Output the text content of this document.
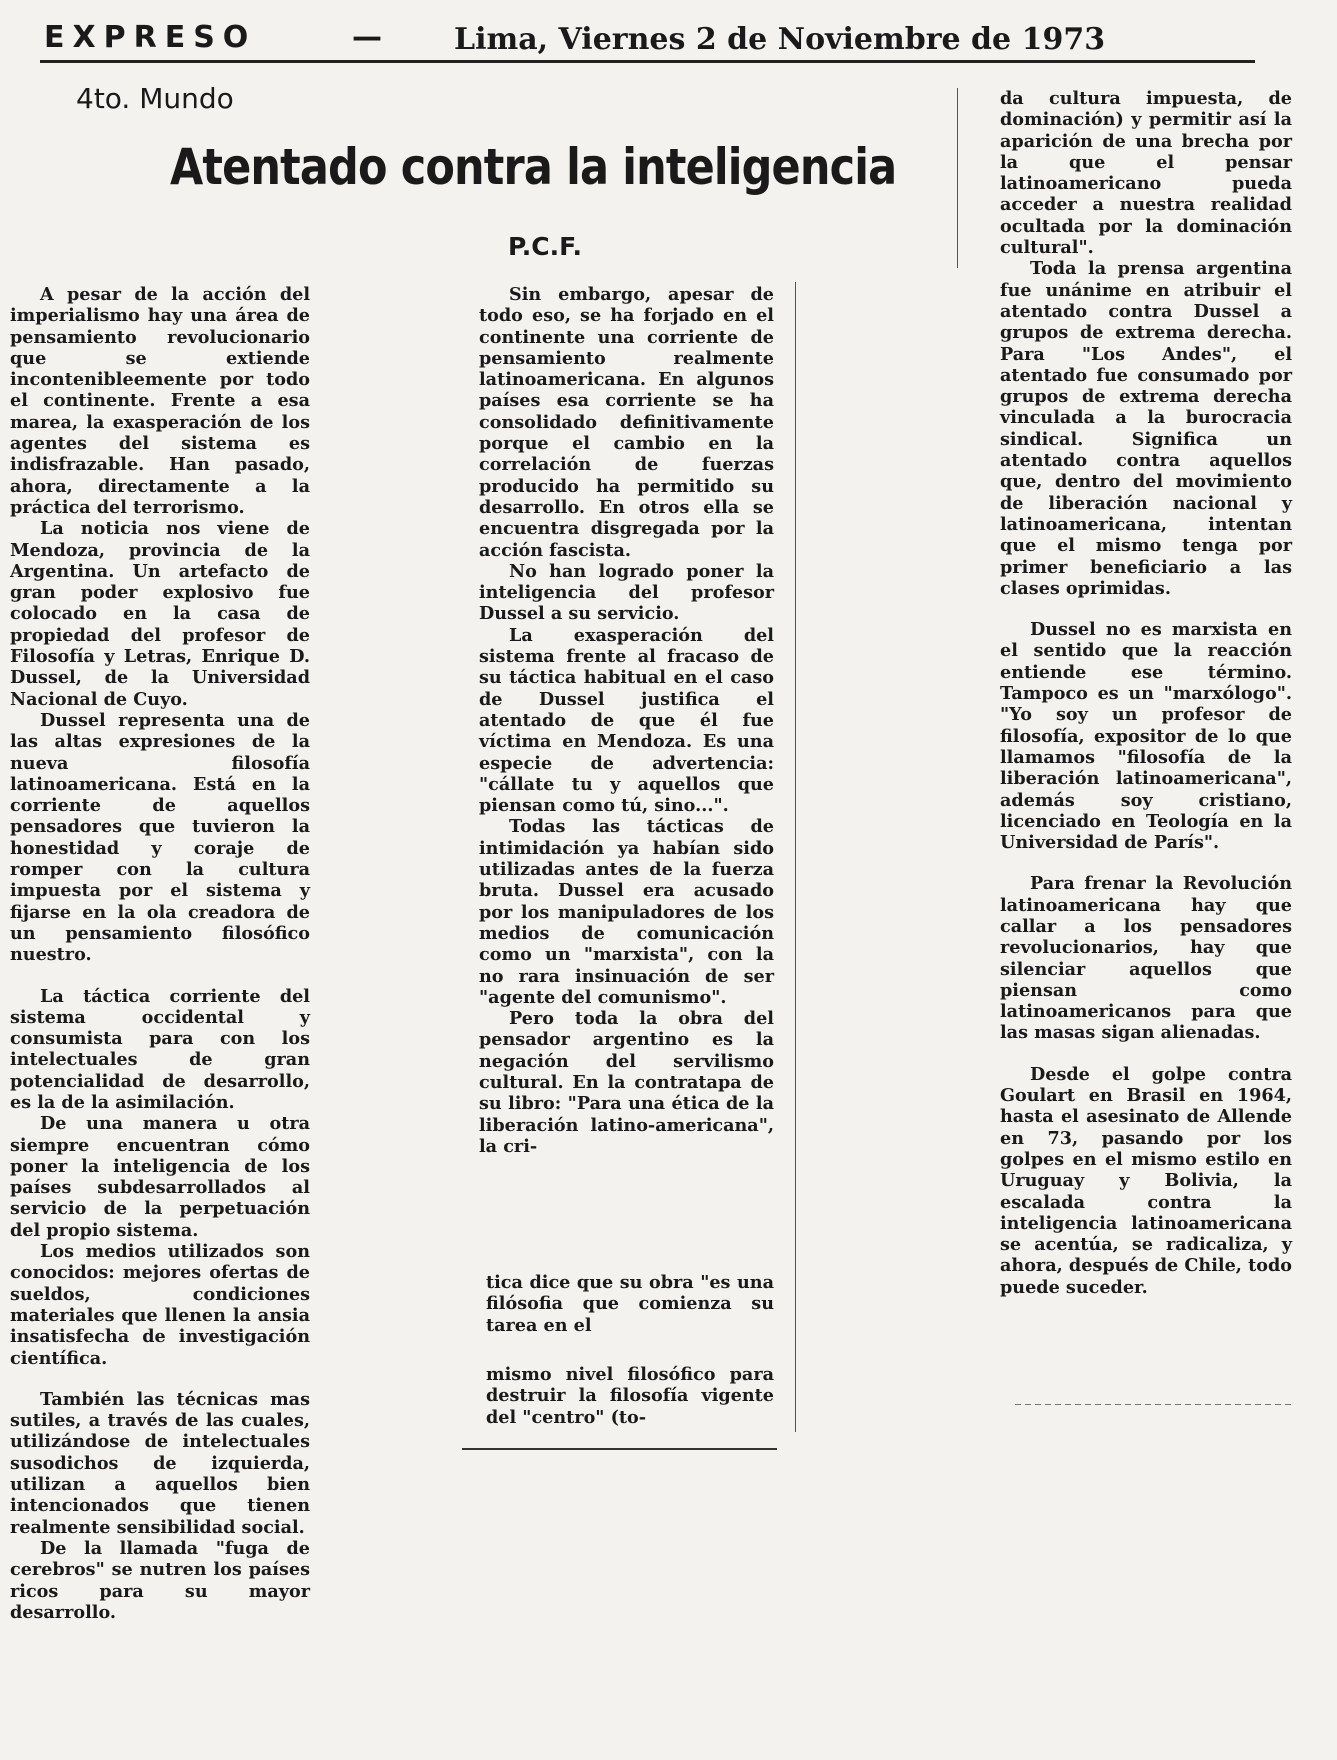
EXPRESO	— Lima, Viernes 2 de Noviembre de 1973
4to. Mundo
Atentado contra la inteligencia
P.C.F.

A pesar de la acción del imperialismo hay una área de pensamiento revolucionario que se extiende incontenibleemente por todo el continente. Frente a esa marea, la exasperación de los agentes del sistema es indisfrazable. Han pasado, ahora, directamente a la práctica del terrorismo.

La noticia nos viene de Mendoza, provincia de la Argentina. Un artefacto de gran poder explosivo fue colocado en la casa de propiedad del profesor de Filosofía y Letras, Enrique D. Dussel, de la Universidad Nacional de Cuyo.

Dussel representa una de las altas expresiones de la nueva filosofía latinoamericana. Está en la corriente de aquellos pensadores que tuvieron la honestidad y coraje de romper con la cultura impuesta por el sistema y fijarse en la ola creadora de un pensamiento filosófico nuestro.

La táctica corriente del sistema occidental y consumista para con los intelectuales de gran potencialidad de desarrollo, es la de la asimilación.

De una manera u otra siempre encuentran cómo poner la inteligencia de los países subdesarrollados al servicio de la perpetuación del propio sistema.

Los medios utilizados son conocidos: mejores ofertas de sueldos, condiciones materiales que llenen la ansia insatisfecha de investigación científica.

También las técnicas mas sutiles, a través de las cuales, utilizándose de intelectuales susodichos de izquierda, utilizan a aquellos bien intencionados que tienen realmente sensibilidad social.

De la llamada "fuga de cerebros" se nutren los países ricos para su mayor desarrollo.

Sin embargo, apesar de todo eso, se ha forjado en el continente una corriente de pensamiento realmente latinoamericana. En algunos países esa corriente se ha consolidado definitivamente porque el cambio en la correlación de fuerzas producido ha permitido su desarrollo. En otros ella se encuentra disgregada por la acción fascista.

No han logrado poner la inteligencia del profesor Dussel a su servicio.

La exasperación del sistema frente al fracaso de su táctica habitual en el caso de Dussel justifica el atentado de que él fue víctima en Mendoza. Es una especie de advertencia: "cállate tu y aquellos que piensan como tú, sino...".

Todas las tácticas de intimidación ya habían sido utilizadas antes de la fuerza bruta. Dussel era acusado por los manipuladores de los medios de comunicación como un "marxista", con la no rara insinuación de ser "agente del comunismo".

Pero toda la obra del pensador argentino es la negación del servilismo cultural. En la contratapa de su libro: "Para una ética de la liberación latino-americana", la cri-

tica dice que su obra "es una filósofia que comienza su tarea en el

mismo nivel filosófico para destruir la filosofía vigente del "centro" (to-

da cultura impuesta, de dominación) y permitir así la aparición de una brecha por la que el pensar latinoamericano pueda acceder a nuestra realidad ocultada por la dominación cultural".

Toda la prensa argentina fue unánime en atribuir el atentado contra Dussel a grupos de extrema derecha. Para "Los Andes", el atentado fue consumado por grupos de extrema derecha vinculada a la burocracia sindical. Significa un atentado contra aquellos que, dentro del movimiento de liberación nacional y latinoamericana, intentan que el mismo tenga por primer beneficiario a las clases oprimidas.

Dussel no es marxista en el sentido que la reacción entiende ese término. Tampoco es un "marxólogo". "Yo soy un profesor de filosofía, expositor de lo que llamamos "filosofía de la liberación latinoamericana", además soy cristiano, licenciado en Teología en la Universidad de París".

Para frenar la Revolución latinoamericana hay que callar a los pensadores revolucionarios, hay que silenciar aquellos que piensan como latinoamericanos para que las masas sigan alienadas.

Desde el golpe contra Goulart en Brasil en 1964, hasta el asesinato de Allende en 73, pasando por los golpes en el mismo estilo en Uruguay y Bolivia, la escalada contra la inteligencia latinoamericana se acentúa, se radicaliza, y ahora, después de Chile, todo puede suceder.
